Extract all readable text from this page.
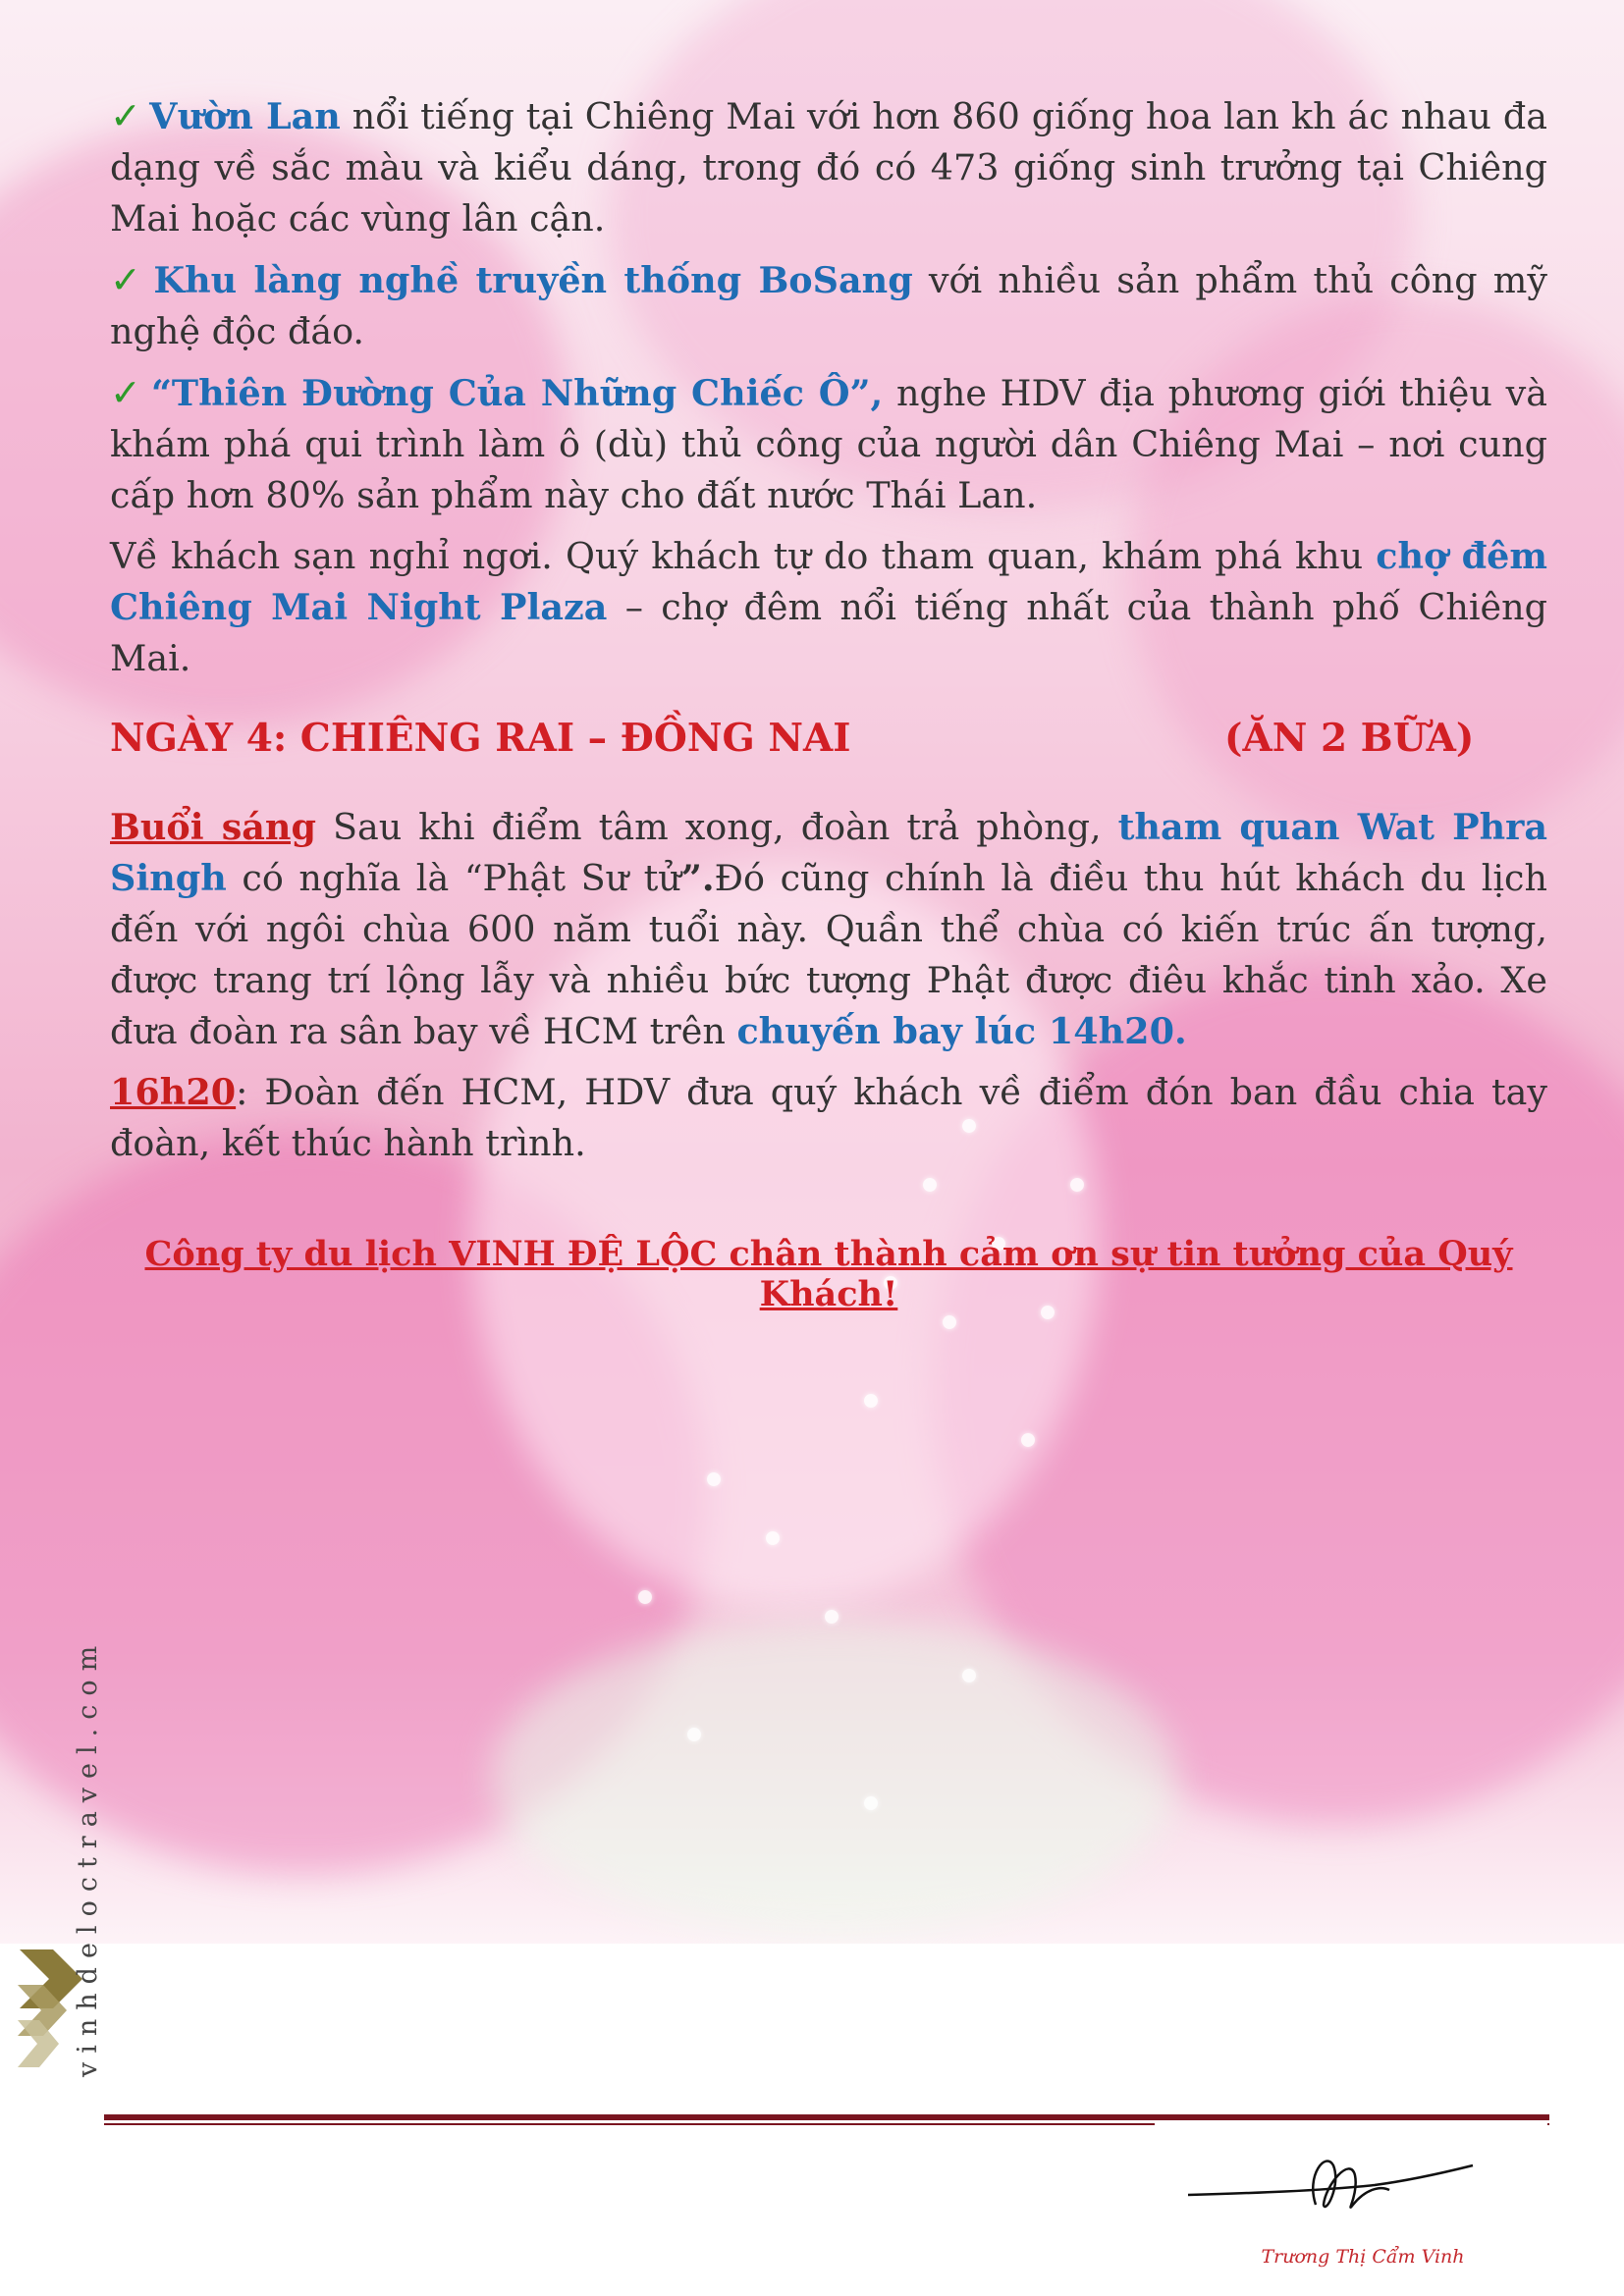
✓ Vườn Lan nổi tiếng tại Chiêng Mai với hơn 860 giống hoa lan kh ác nhau đa dạng về sắc màu và kiểu dáng, trong đó có 473 giống sinh trưởng tại Chiêng Mai hoặc các vùng lân cận.

✓ Khu làng nghề truyền thống BoSang với nhiều sản phẩm thủ công mỹ nghệ độc đáo.

✓ “Thiên Đường Của Những Chiếc Ô”, nghe HDV địa phương giới thiệu và khám phá qui trình làm ô (dù) thủ công của người dân Chiêng Mai – nơi cung cấp hơn 80% sản phẩm này cho đất nước Thái Lan.

Về khách sạn nghỉ ngơi. Quý khách tự do tham quan, khám phá khu chợ đêm Chiêng Mai Night Plaza – chợ đêm nổi tiếng nhất của thành phố Chiêng Mai.

NGÀY 4: CHIÊNG RAI – ĐỒNG NAI	(ĂN 2 BỮA)

Buổi sáng Sau khi điểm tâm xong, đoàn trả phòng, tham quan Wat Phra Singh có nghĩa là “Phật Sư tử”.Đó cũng chính là điều thu hút khách du lịch đến với ngôi chùa 600 năm tuổi này. Quần thể chùa có kiến trúc ấn tượng, được trang trí lộng lẫy và nhiều bức tượng Phật được điêu khắc tinh xảo. Xe đưa đoàn ra sân bay về HCM trên chuyến bay lúc 14h20.

16h20: Đoàn đến HCM, HDV đưa quý khách về điểm đón ban đầu chia tay đoàn, kết thúc hành trình.

Công ty du lịch VINH ĐỆ LỘC chân thành cảm ơn sự tin tưởng của Quý Khách!
vinhdeloctravel.com
Trương Thị Cẩm Vinh
